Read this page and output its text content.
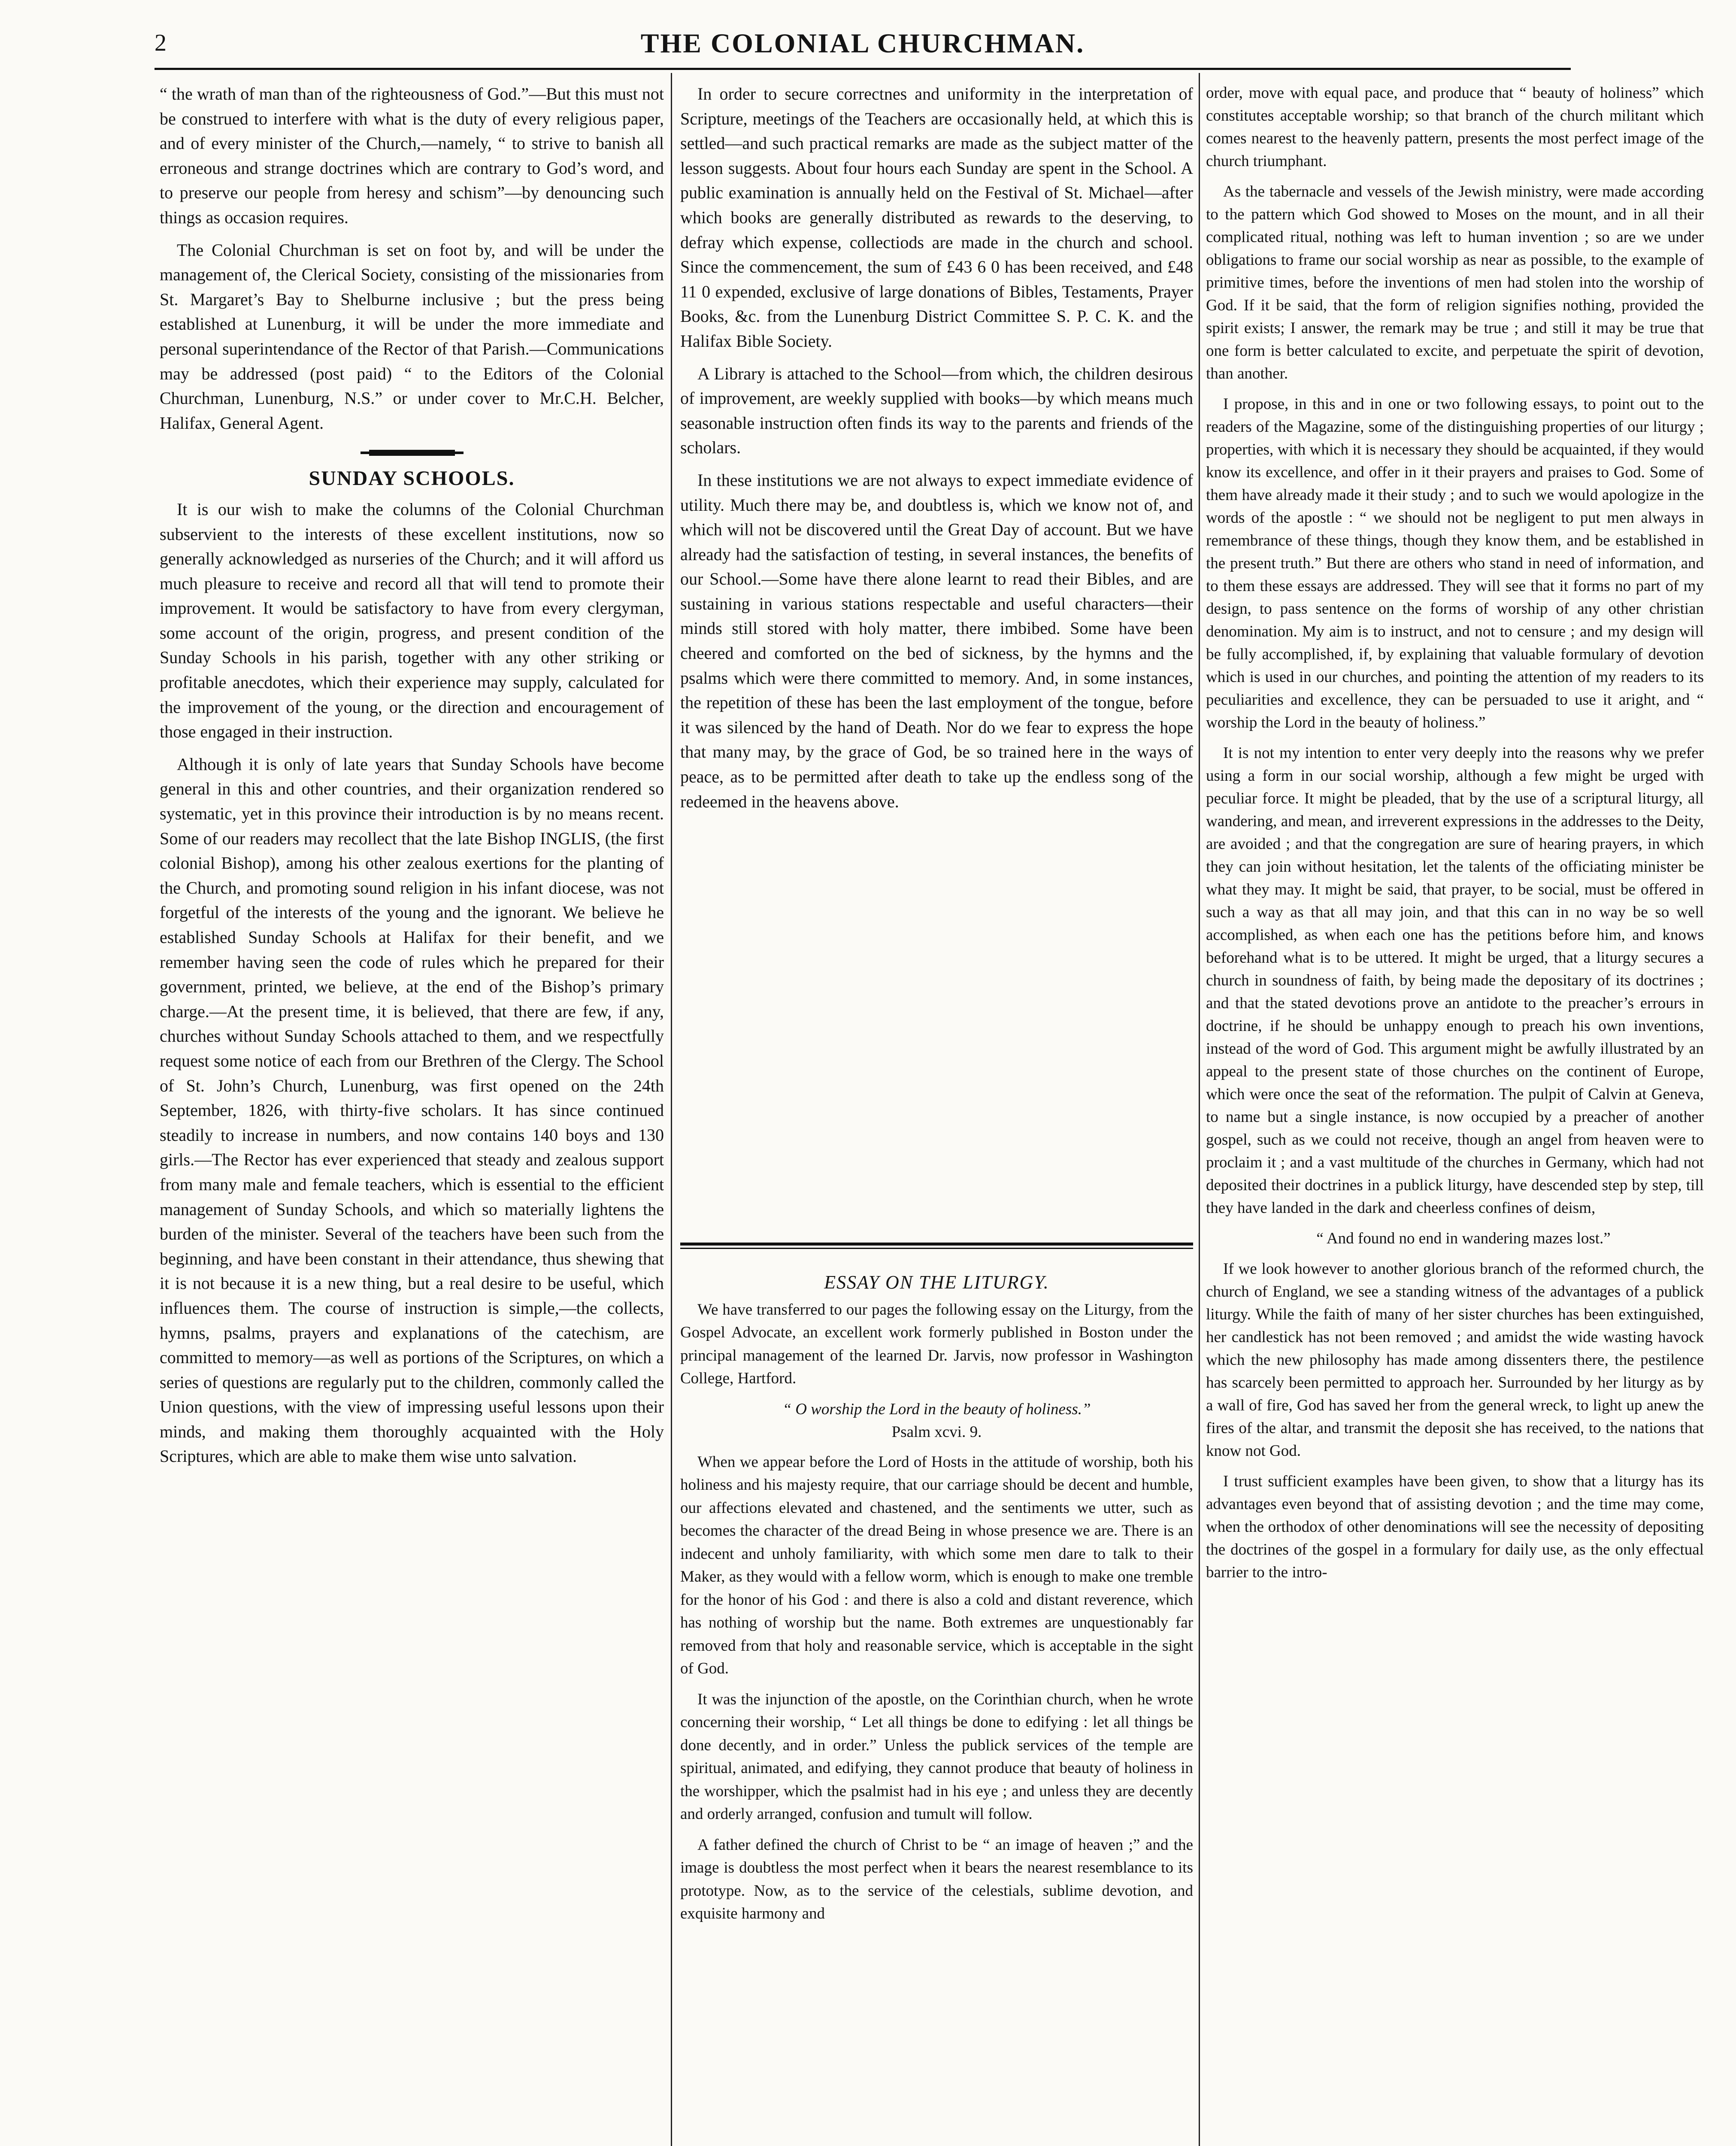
2	THE COLONIAL CHURCHMAN.

“ the wrath of man than of the righteousness of God.”—But this must not be construed to interfere with what is the duty of every religious paper, and of every minister of the Church,—namely, “ to strive to banish all erroneous and strange doctrines which are contrary to God’s word, and to preserve our people from heresy and schism”—by denouncing such things as occasion requires.

The Colonial Churchman is set on foot by, and will be under the management of, the Clerical Society, consisting of the missionaries from St. Margaret’s Bay to Shelburne inclusive ; but the press being established at Lunenburg, it will be under the more immediate and personal superintendance of the Rector of that Parish.—Communications may be addressed (post paid) “ to the Editors of the Colonial Churchman, Lunenburg, N.S.” or under cover to Mr.C.H. Belcher, Halifax, General Agent.

SUNDAY SCHOOLS.

It is our wish to make the columns of the Colonial Churchman subservient to the interests of these excellent institutions, now so generally acknowledged as nurseries of the Church; and it will afford us much pleasure to receive and record all that will tend to promote their improvement. It would be satisfactory to have from every clergyman, some account of the origin, progress, and present condition of the Sunday Schools in his parish, together with any other striking or profitable anecdotes, which their experience may supply, calculated for the improvement of the young, or the direction and encouragement of those engaged in their instruction.

Although it is only of late years that Sunday Schools have become general in this and other countries, and their organization rendered so systematic, yet in this province their introduction is by no means recent. Some of our readers may recollect that the late Bishop INGLIS, (the first colonial Bishop), among his other zealous exertions for the planting of the Church, and promoting sound religion in his infant diocese, was not forgetful of the interests of the young and the ignorant. We believe he established Sunday Schools at Halifax for their benefit, and we remember having seen the code of rules which he prepared for their government, printed, we believe, at the end of the Bishop’s primary charge.—At the present time, it is believed, that there are few, if any, churches without Sunday Schools attached to them, and we respectfully request some notice of each from our Brethren of the Clergy. The School of St. John’s Church, Lunenburg, was first opened on the 24th September, 1826, with thirty-five scholars. It has since continued steadily to increase in numbers, and now contains 140 boys and 130 girls.—The Rector has ever experienced that steady and zealous support from many male and female teachers, which is essential to the efficient management of Sunday Schools, and which so materially lightens the burden of the minister. Several of the teachers have been such from the beginning, and have been constant in their attendance, thus shewing that it is not because it is a new thing, but a real desire to be useful, which influences them. The course of instruction is simple,—the collects, hymns, psalms, prayers and explanations of the catechism, are committed to memory—as well as portions of the Scriptures, on which a series of questions are regularly put to the children, commonly called the Union questions, with the view of impressing useful lessons upon their minds, and making them thoroughly acquainted with the Holy Scriptures, which are able to make them wise unto salvation.

In order to secure correctnes and uniformity in the interpretation of Scripture, meetings of the Teachers are occasionally held, at which this is settled—and such practical remarks are made as the subject matter of the lesson suggests. About four hours each Sunday are spent in the School. A public examination is annually held on the Festival of St. Michael—after which books are generally distributed as rewards to the deserving, to defray which expense, collectiods are made in the church and school. Since the commencement, the sum of £43 6 0 has been received, and £48 11 0 expended, exclusive of large donations of Bibles, Testaments, Prayer Books, &c. from the Lunenburg District Committee S. P. C. K. and the Halifax Bible Society.

A Library is attached to the School—from which, the children desirous of improvement, are weekly supplied with books—by which means much seasonable instruction often finds its way to the parents and friends of the scholars.

In these institutions we are not always to expect immediate evidence of utility. Much there may be, and doubtless is, which we know not of, and which will not be discovered until the Great Day of account. But we have already had the satisfaction of testing, in several instances, the benefits of our School.—Some have there alone learnt to read their Bibles, and are sustaining in various stations respectable and useful characters—their minds still stored with holy matter, there imbibed. Some have been cheered and comforted on the bed of sickness, by the hymns and the psalms which were there committed to memory. And, in some instances, the repetition of these has been the last employment of the tongue, before it was silenced by the hand of Death. Nor do we fear to express the hope that many may, by the grace of God, be so trained here in the ways of peace, as to be permitted after death to take up the endless song of the redeemed in the heavens above.

ESSAY ON THE LITURGY.

We have transferred to our pages the following essay on the Liturgy, from the Gospel Advocate, an excellent work formerly published in Boston under the principal management of the learned Dr. Jarvis, now professor in Washington College, Hartford.

“ O worship the Lord in the beauty of holiness.”
Psalm xcvi. 9.

When we appear before the Lord of Hosts in the attitude of worship, both his holiness and his majesty require, that our carriage should be decent and humble, our affections elevated and chastened, and the sentiments we utter, such as becomes the character of the dread Being in whose presence we are. There is an indecent and unholy familiarity, with which some men dare to talk to their Maker, as they would with a fellow worm, which is enough to make one tremble for the honor of his God : and there is also a cold and distant reverence, which has nothing of worship but the name. Both extremes are unquestionably far removed from that holy and reasonable service, which is acceptable in the sight of God.

It was the injunction of the apostle, on the Corinthian church, when he wrote concerning their worship, “ Let all things be done to edifying : let all things be done decently, and in order.” Unless the publick services of the temple are spiritual, animated, and edifying, they cannot produce that beauty of holiness in the worshipper, which the psalmist had in his eye ; and unless they are decently and orderly arranged, confusion and tumult will follow.

A father defined the church of Christ to be “ an image of heaven ;” and the image is doubtless the most perfect when it bears the nearest resemblance to its prototype. Now, as to the service of the celestials, sublime devotion, and exquisite harmony and

order, move with equal pace, and produce that “ beauty of holiness” which constitutes acceptable worship; so that branch of the church militant which comes nearest to the heavenly pattern, presents the most perfect image of the church triumphant.

As the tabernacle and vessels of the Jewish ministry, were made according to the pattern which God showed to Moses on the mount, and in all their complicated ritual, nothing was left to human invention ; so are we under obligations to frame our social worship as near as possible, to the example of primitive times, before the inventions of men had stolen into the worship of God. If it be said, that the form of religion signifies nothing, provided the spirit exists; I answer, the remark may be true ; and still it may be true that one form is better calculated to excite, and perpetuate the spirit of devotion, than another.

I propose, in this and in one or two following essays, to point out to the readers of the Magazine, some of the distinguishing properties of our liturgy ; properties, with which it is necessary they should be acquainted, if they would know its excellence, and offer in it their prayers and praises to God. Some of them have already made it their study ; and to such we would apologize in the words of the apostle : “ we should not be negligent to put men always in remembrance of these things, though they know them, and be established in the present truth.” But there are others who stand in need of information, and to them these essays are addressed. They will see that it forms no part of my design, to pass sentence on the forms of worship of any other christian denomination. My aim is to instruct, and not to censure ; and my design will be fully accomplished, if, by explaining that valuable formulary of devotion which is used in our churches, and pointing the attention of my readers to its peculiarities and excellence, they can be persuaded to use it aright, and “ worship the Lord in the beauty of holiness.”

It is not my intention to enter very deeply into the reasons why we prefer using a form in our social worship, although a few might be urged with peculiar force. It might be pleaded, that by the use of a scriptural liturgy, all wandering, and mean, and irreverent expressions in the addresses to the Deity, are avoided ; and that the congregation are sure of hearing prayers, in which they can join without hesitation, let the talents of the officiating minister be what they may. It might be said, that prayer, to be social, must be offered in such a way as that all may join, and that this can in no way be so well accomplished, as when each one has the petitions before him, and knows beforehand what is to be uttered. It might be urged, that a liturgy secures a church in soundness of faith, by being made the depositary of its doctrines ; and that the stated devotions prove an antidote to the preacher’s errours in doctrine, if he should be unhappy enough to preach his own inventions, instead of the word of God. This argument might be awfully illustrated by an appeal to the present state of those churches on the continent of Europe, which were once the seat of the reformation. The pulpit of Calvin at Geneva, to name but a single instance, is now occupied by a preacher of another gospel, such as we could not receive, though an angel from heaven were to proclaim it ; and a vast multitude of the churches in Germany, which had not deposited their doctrines in a publick liturgy, have descended step by step, till they have landed in the dark and cheerless confines of deism,

“ And found no end in wandering mazes lost.”

If we look however to another glorious branch of the reformed church, the church of England, we see a standing witness of the advantages of a publick liturgy. While the faith of many of her sister churches has been extinguished, her candlestick has not been removed ; and amidst the wide wasting havock which the new philosophy has made among dissenters there, the pestilence has scarcely been permitted to approach her. Surrounded by her liturgy as by a wall of fire, God has saved her from the general wreck, to light up anew the fires of the altar, and transmit the deposit she has received, to the nations that know not God.

I trust sufficient examples have been given, to show that a liturgy has its advantages even beyond that of assisting devotion ; and the time may come, when the orthodox of other denominations will see the necessity of depositing the doctrines of the gospel in a formulary for daily use, as the only effectual barrier to the intro-
